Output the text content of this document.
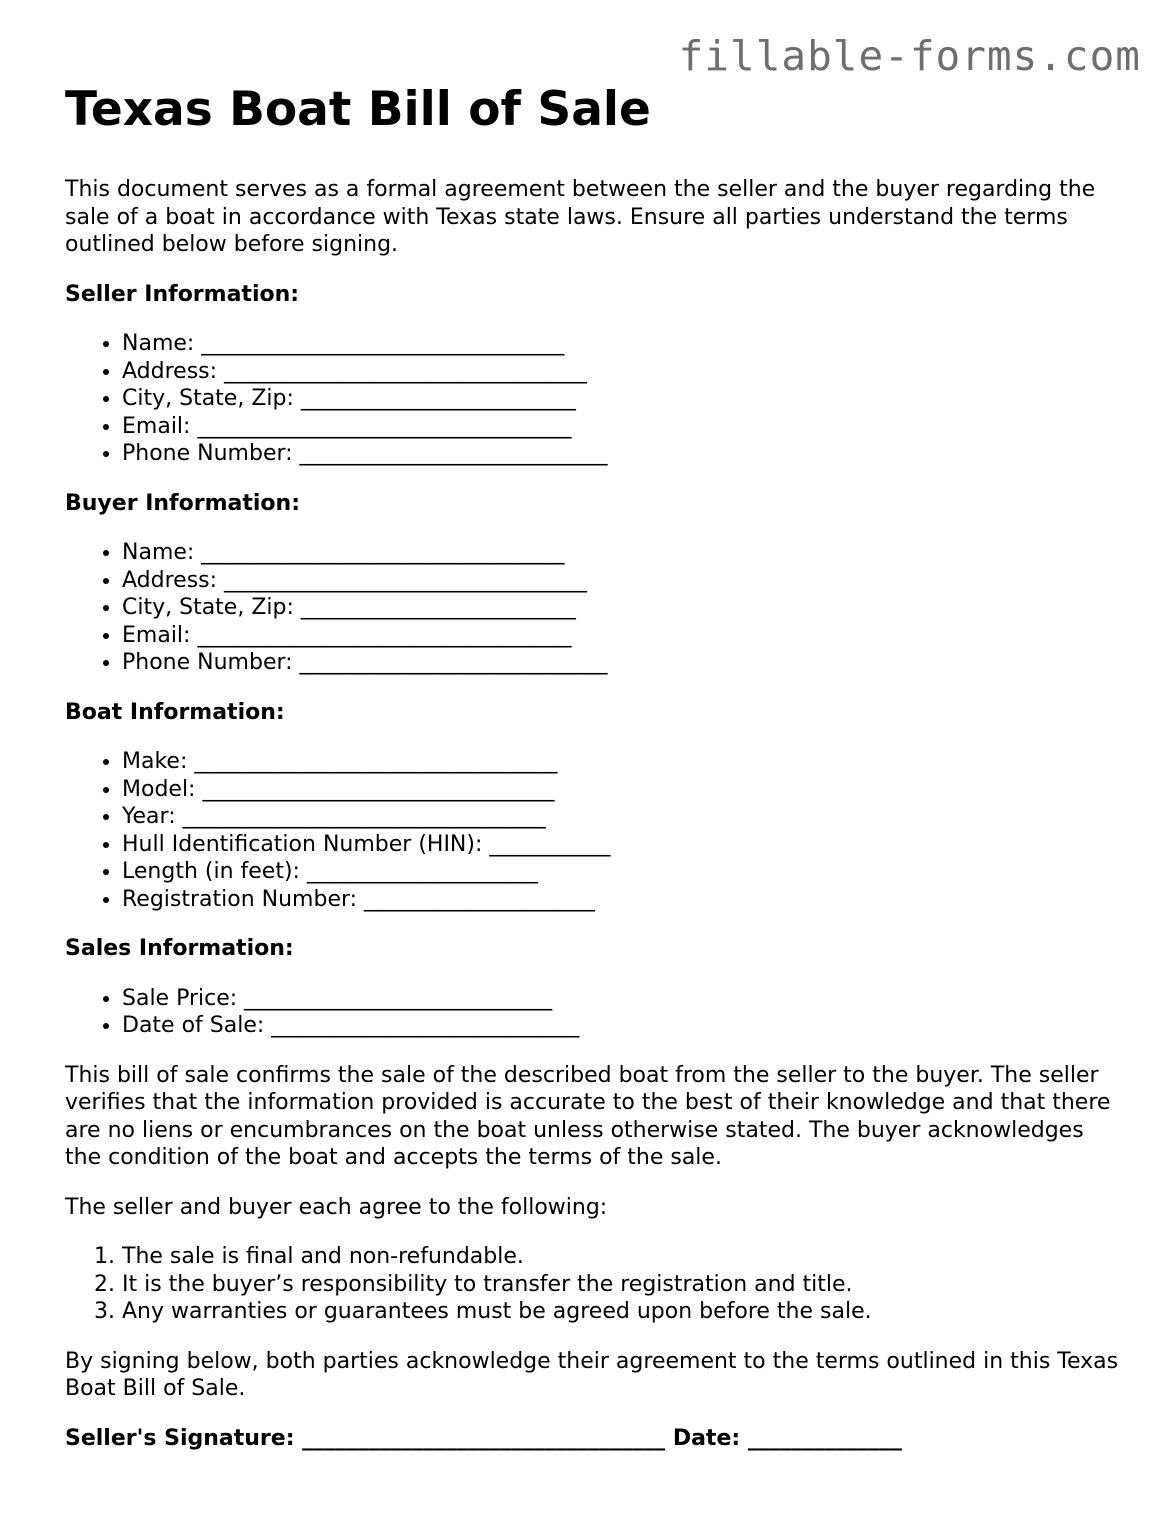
fillable-forms.com
Texas Boat Bill of Sale

This document serves as a formal agreement between the seller and the buyer regarding the sale of a boat in accordance with Texas state laws. Ensure all parties understand the terms outlined below before signing.

Seller Information:
• Name: _________________________________
• Address: _________________________________
• City, State, Zip: _________________________
• Email: __________________________________
• Phone Number: ____________________________
Buyer Information:
• Name: _________________________________
• Address: _________________________________
• City, State, Zip: _________________________
• Email: __________________________________
• Phone Number: ____________________________
Boat Information:
• Make: _________________________________
• Model: ________________________________
• Year: _________________________________
• Hull Identification Number (HIN): ___________
• Length (in feet): _____________________
• Registration Number: _____________________
Sales Information:
• Sale Price: ____________________________
• Date of Sale: ____________________________

This bill of sale confirms the sale of the described boat from the seller to the buyer. The seller verifies that the information provided is accurate to the best of their knowledge and that there are no liens or encumbrances on the boat unless otherwise stated. The buyer acknowledges the condition of the boat and accepts the terms of the sale.

The seller and buyer each agree to the following:

1. The sale is final and non-refundable.
2. It is the buyer’s responsibility to transfer the registration and title.
3. Any warranties or guarantees must be agreed upon before the sale.

By signing below, both parties acknowledge their agreement to the terms outlined in this Texas Boat Bill of Sale.

Seller's Signature: _________________________________ Date: ______________
